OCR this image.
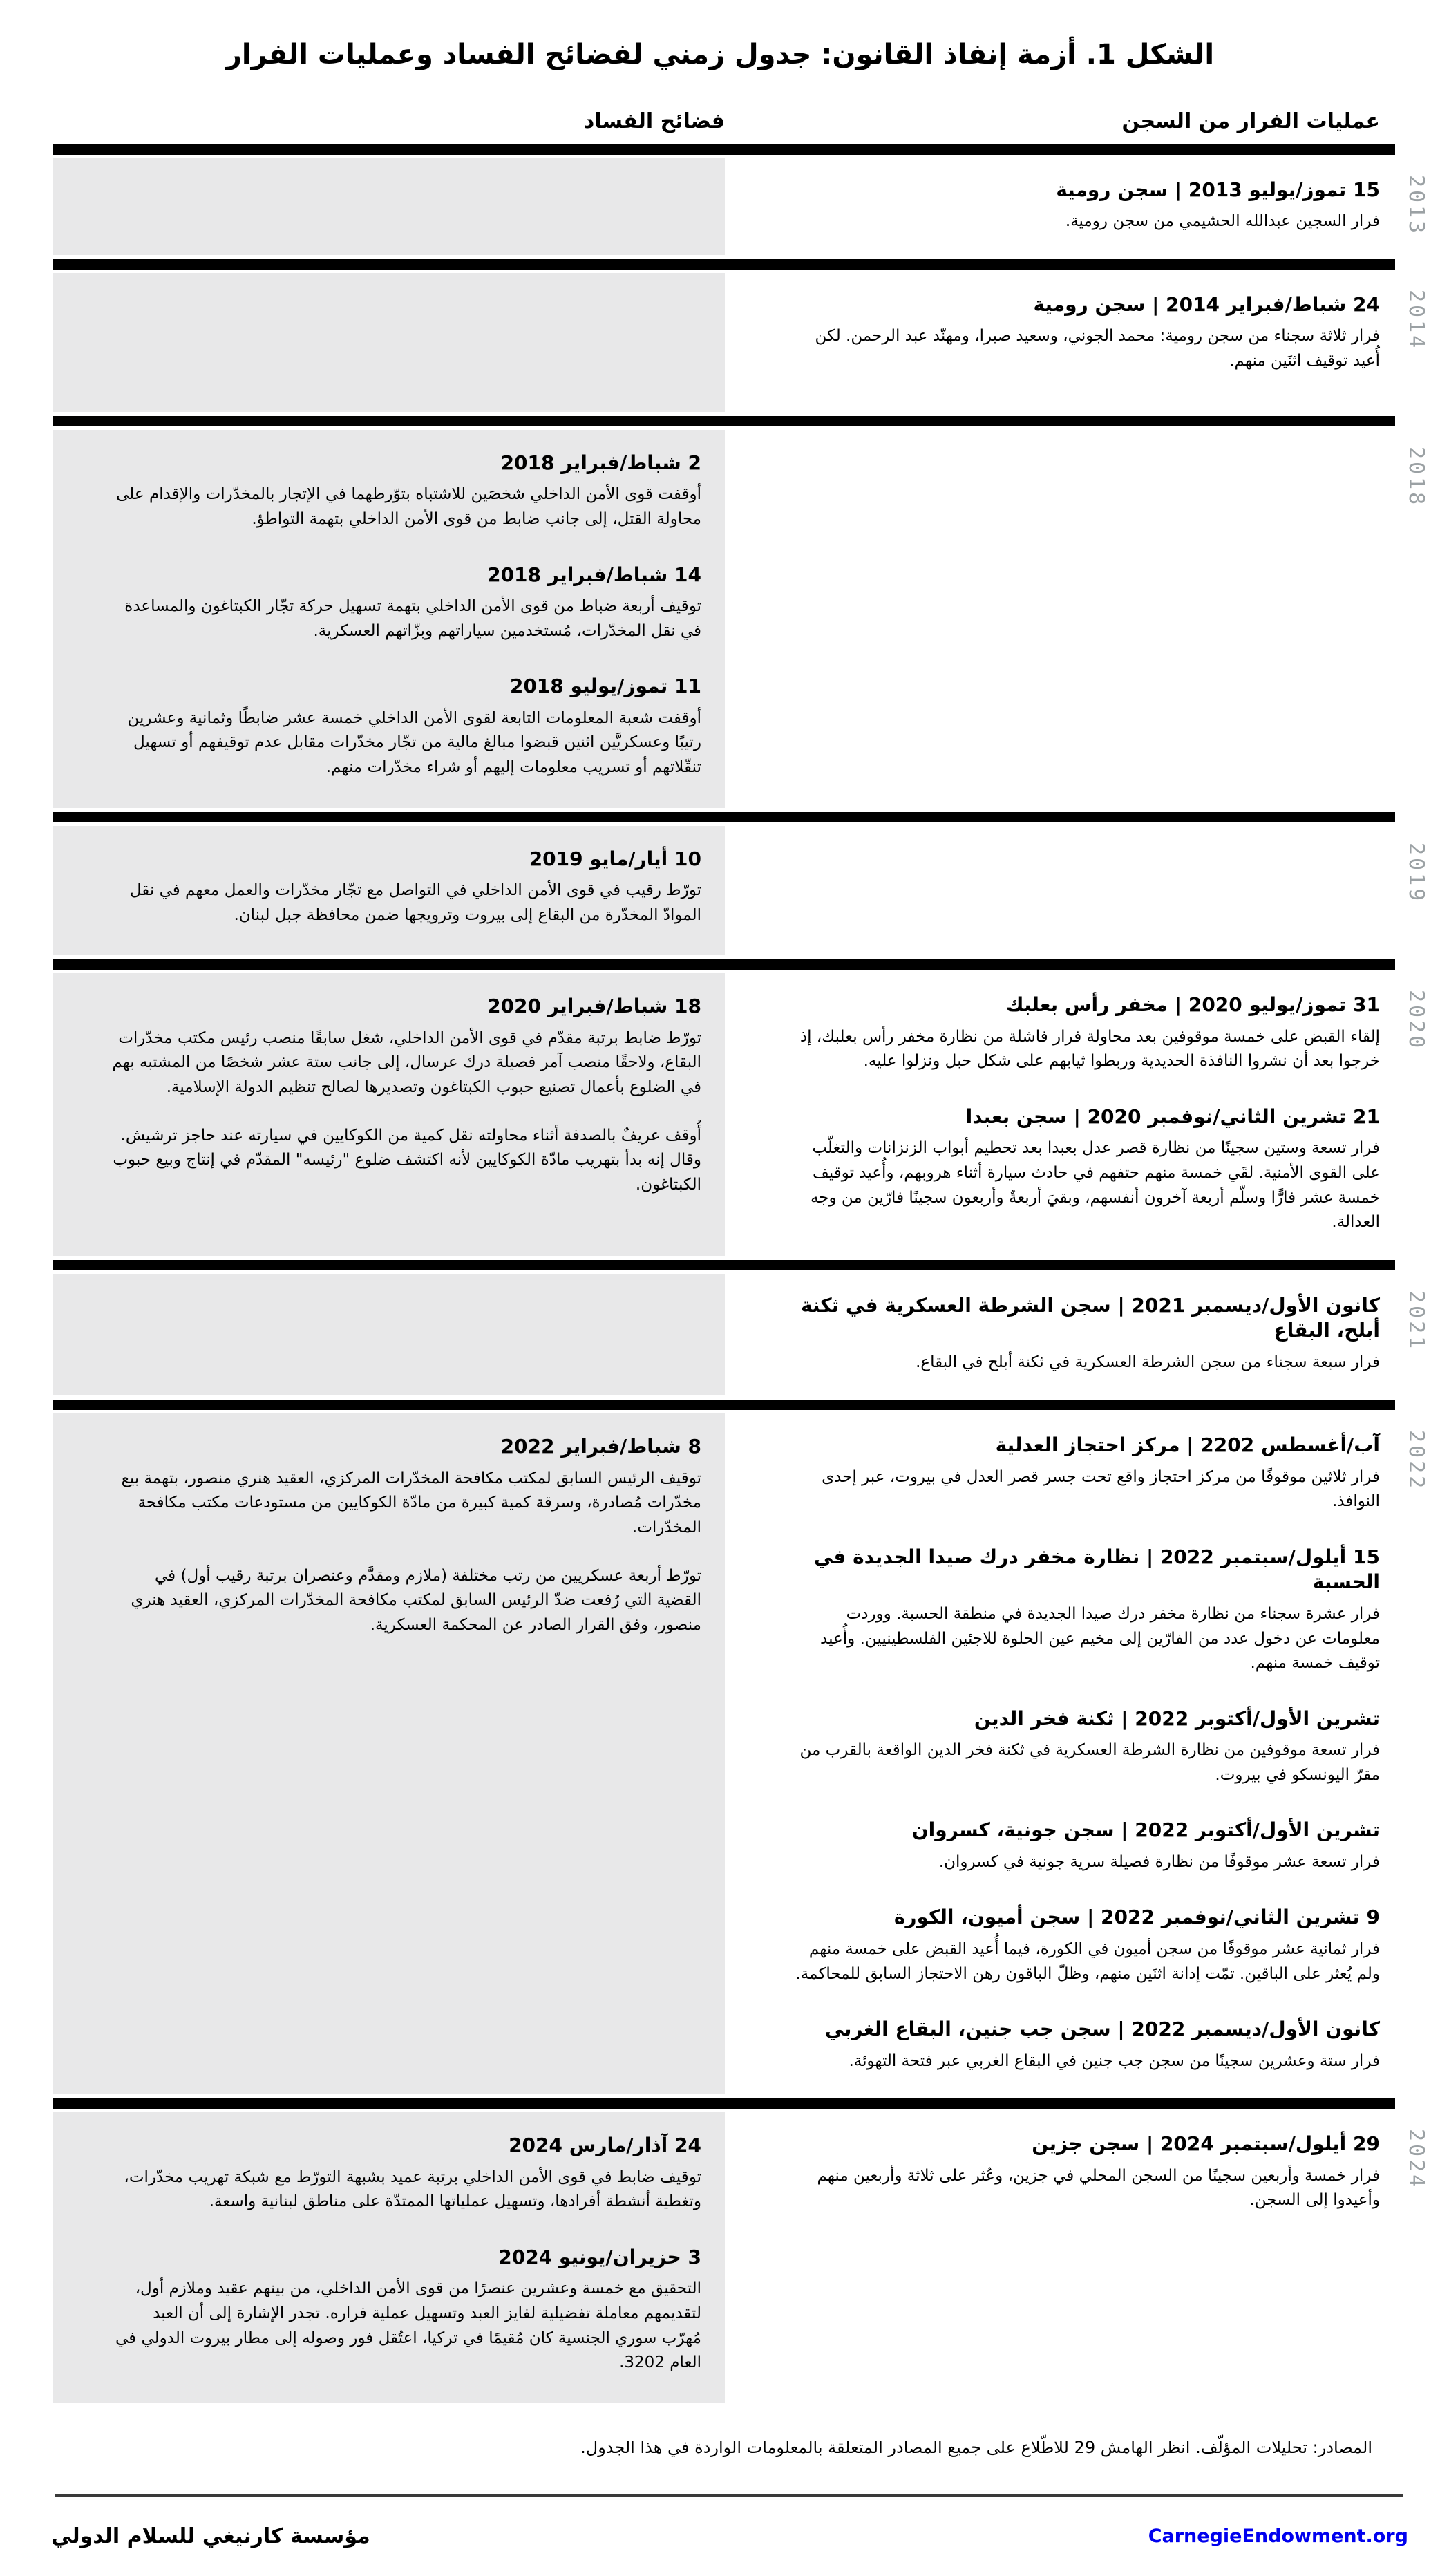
الشكل 1. أزمة إنفاذ القانون: جدول زمني لفضائح الفساد وعمليات الفرار
عمليات الفرار من السجن
فضائح الفساد
15 تموز/يوليو 2013 | سجن رومية

فرار السجين عبدالله الحشيمي من سجن رومية. 2013
24 شباط/فبراير 2014 | سجن رومية

فرار ثلاثة سجناء من سجن رومية: محمد الجوني، وسعيد صبرا، ومهنّد عبد الرحمن. لكن أُعيد توقيف اثنَين منهم.

2014
2 شباط/فبراير 2018

أوقفت قوى الأمن الداخلي شخصَين للاشتباه بتوّرطهما في الإتجار بالمخدّرات والإقدام على محاولة القتل، إلى جانب ضابط من قوى الأمن الداخلي بتهمة التواطؤ.

14 شباط/فبراير 2018

توقيف أربعة ضباط من قوى الأمن الداخلي بتهمة تسهيل حركة تجّار الكبتاغون والمساعدة في نقل المخدّرات، مُستخدمين سياراتهم وبزّاتهم العسكرية.

11 تموز/يوليو 2018

أوقفت شعبة المعلومات التابعة لقوى الأمن الداخلي خمسة عشر ضابطًا وثمانية وعشرين رتيبًا وعسكريَّين اثنين قبضوا مبالغ مالية من تجّار مخدّرات مقابل عدم توقيفهم أو تسهيل تنقّلاتهم أو تسريب معلومات إليهم أو شراء مخدّرات منهم.

2018
10 أيار/مايو 2019

تورّط رقيب في قوى الأمن الداخلي في التواصل مع تجّار مخدّرات والعمل معهم في نقل الموادّ المخدّرة من البقاع إلى بيروت وترويجها ضمن محافظة جبل لبنان.

2019
31 تموز/يوليو 2020 | مخفر رأس بعلبك

إلقاء القبض على خمسة موقوفين بعد محاولة فرار فاشلة من نظارة مخفر رأس بعلبك، إذ خرجوا بعد أن نشروا النافذة الحديدية وربطوا ثيابهم على شكل حبل ونزلوا عليه.

21 تشرين الثاني/نوفمبر 2020 | سجن بعبدا

فرار تسعة وستين سجينًا من نظارة قصر عدل بعبدا بعد تحطيم أبواب الزنزانات والتغلّب على القوى الأمنية. لقَي خمسة منهم حتفهم في حادث سيارة أثناء هروبهم، وأُعيد توقيف خمسة عشر فارًّا وسلّم أربعة آخرون أنفسهم، وبقيَ أربعةٌ وأربعون سجينًا فارّين من وجه العدالة.

18 شباط/فبراير 2020

تورّط ضابط برتبة مقدّم في قوى الأمن الداخلي، شغل سابقًا منصب رئيس مكتب مخدّرات البقاع، ولاحقًا منصب آمر فصيلة درك عرسال، إلى جانب ستة عشر شخصًا من المشتبه بهم في الضلوع بأعمال تصنيع حبوب الكبتاغون وتصديرها لصالح تنظيم الدولة الإسلامية.

أُوقف عريفٌ بالصدفة أثناء محاولته نقل كمية من الكوكايين في سيارته عند حاجز ترشيش. وقال إنه بدأ بتهريب مادّة الكوكايين لأنه اكتشف ضلوع "رئيسه" المقدّم في إنتاج وبيع حبوب الكبتاغون.

2020
كانون الأول/ديسمبر 2021 | سجن الشرطة العسكرية في ثكنة أبلح، البقاع

فرار سبعة سجناء من سجن الشرطة العسكرية في ثكنة أبلح في البقاع.

2021
آب/أغسطس 2202 | مركز احتجاز العدلية

فرار ثلاثين موقوفًا من مركز احتجاز واقع تحت جسر قصر العدل في بيروت، عبر إحدى النوافذ.

15 أيلول/سبتمبر 2022 | نظارة مخفر درك صيدا الجديدة في الحسبة

فرار عشرة سجناء من نظارة مخفر درك صيدا الجديدة في منطقة الحسبة. ووردت معلومات عن دخول عدد من الفارّين إلى مخيم عين الحلوة للاجئين الفلسطينيين. وأُعيد توقيف خمسة منهم.

تشرين الأول/أكتوبر 2022 | ثكنة فخر الدين

فرار تسعة موقوفين من نظارة الشرطة العسكرية في ثكنة فخر الدين الواقعة بالقرب من مقرّ اليونسكو في بيروت.

تشرين الأول/أكتوبر 2022 | سجن جونية، كسروان

فرار تسعة عشر موقوفًا من نظارة فصيلة سرية جونية في كسروان.

9 تشرين الثاني/نوفمبر 2022 | سجن أميون، الكورة

فرار ثمانية عشر موقوفًا من سجن أميون في الكورة، فيما أُعيد القبض على خمسة منهم ولم يُعثر على الباقين. تمّت إدانة اثنَين منهم، وظلّ الباقون رهن الاحتجاز السابق للمحاكمة.

كانون الأول/ديسمبر 2022 | سجن جب جنين، البقاع الغربي

فرار ستة وعشرين سجينًا من سجن جب جنين في البقاع الغربي عبر فتحة التهوئة.

8 شباط/فبراير 2022

توقيف الرئيس السابق لمكتب مكافحة المخدّرات المركزي، العقيد هنري منصور، بتهمة بيع مخدّرات مُصادرة، وسرقة كمية كبيرة من مادّة الكوكايين من مستودعات مكتب مكافحة المخدّرات.

تورّط أربعة عسكريين من رتب مختلفة (ملازم ومقدَّم وعنصران برتبة رقيب أول) في القضية التي رُفعت ضدّ الرئيس السابق لمكتب مكافحة المخدّرات المركزي، العقيد هنري منصور، وفق القرار الصادر عن المحكمة العسكرية.

2022
29 أيلول/سبتمبر 2024 | سجن جزين

فرار خمسة وأربعين سجينًا من السجن المحلي في جزين، وعُثر على ثلاثة وأربعين منهم وأعيدوا إلى السجن.

24 آذار/مارس 2024

توقيف ضابط في قوى الأمن الداخلي برتبة عميد بشبهة التورّط مع شبكة تهريب مخدّرات، وتغطية أنشطة أفرادها، وتسهيل عملياتها الممتدّة على مناطق لبنانية واسعة.

3 حزيران/يونيو 2024

التحقيق مع خمسة وعشرين عنصرًا من قوى الأمن الداخلي، من بينهم عقيد وملازم أول، لتقديمهم معاملة تفضيلية لفايز العبد وتسهيل عملية فراره. تجدر الإشارة إلى أن العبد مُهرّب سوري الجنسية كان مُقيمًا في تركيا، اعتُقل فور وصوله إلى مطار بيروت الدولي في العام 3202.

2024
المصادر: تحليلات المؤلّف. انظر الهامش 29 للاطّلاع على جميع المصادر المتعلقة بالمعلومات الواردة في هذا الجدول.
مؤسسة كارنيغي للسلام الدولي	CarnegieEndowment.org
